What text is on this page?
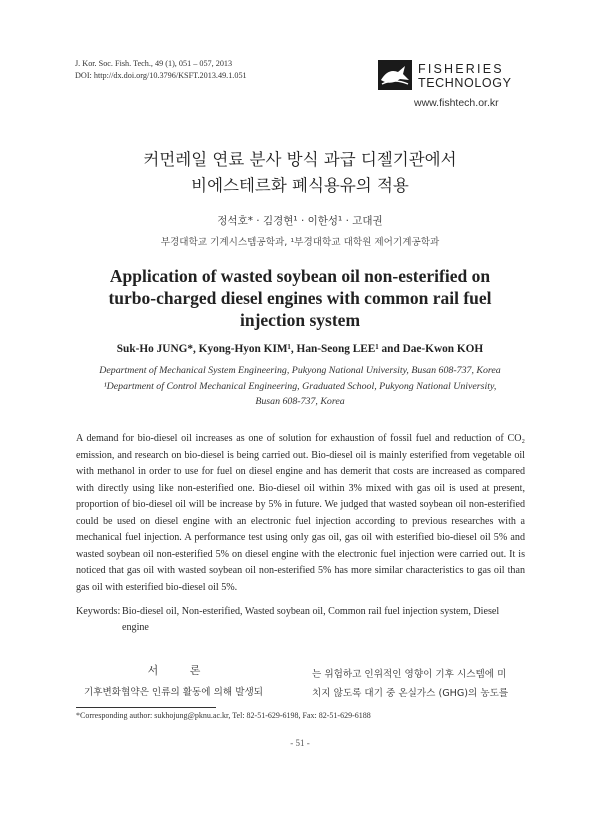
J. Kor. Soc. Fish. Tech., 49 (1), 051 – 057, 2013
DOI: http://dx.doi.org/10.3796/KSFT.2013.49.1.051	FISHERIES
TECHNOLOGY
www.fishtech.or.kr
커먼레일 연료 분사 방식 과급 디젤기관에서
비에스테르화 폐식용유의 적용
정석호* · 김경현¹ · 이한성¹ · 고대권
부경대학교 기계시스템공학과, ¹부경대학교 대학원 제어기계공학과
Application of wasted soybean oil non-esterified on
turbo-charged diesel engines with common rail fuel
injection system
Suk-Ho JUNG*, Kyong-Hyon KIM¹, Han-Seong LEE¹ and Dae-Kwon KOH
Department of Mechanical System Engineering, Pukyong National University, Busan 608-737, Korea
¹Department of Control Mechanical Engineering, Graduated School, Pukyong National University,
Busan 608-737, Korea
A demand for bio-diesel oil increases as one of solution for exhaustion of fossil fuel and reduction of CO₂ emission, and research on bio-diesel is being carried out. Bio-diesel oil is mainly esterified from vegetable oil with methanol in order to use for fuel on diesel engine and has demerit that costs are increased as compared with directly using like non-esterified one. Bio-diesel oil within 3% mixed with gas oil is used at present, proportion of bio-diesel oil will be increase by 5% in future. We judged that wasted soybean oil non-esterified could be used on diesel engine with an electronic fuel injection according to previous researches with a mechanical fuel injection. A performance test using only gas oil, gas oil with esterified bio-diesel oil 5% and wasted soybean oil non-esterified 5% on diesel engine with the electronic fuel injection were carried out. It is noticed that gas oil with wasted soybean oil non-esterified 5% has more similar characteristics to gas oil than gas oil with esterified bio-diesel oil 5%.
Keywords: Bio-diesel oil, Non-esterified, Wasted soybean oil, Common rail fuel injection system, Diesel engine
서 론
기후변화협약은 인류의 활동에 의해 발생되
는 위험하고 인위적인 영향이 기후 시스템에 미
치지 않도록 대기 중 온실가스 (GHG)의 농도를
*Corresponding author: sukhojung@pknu.ac.kr, Tel: 82-51-629-6198, Fax: 82-51-629-6188
- 51 -
